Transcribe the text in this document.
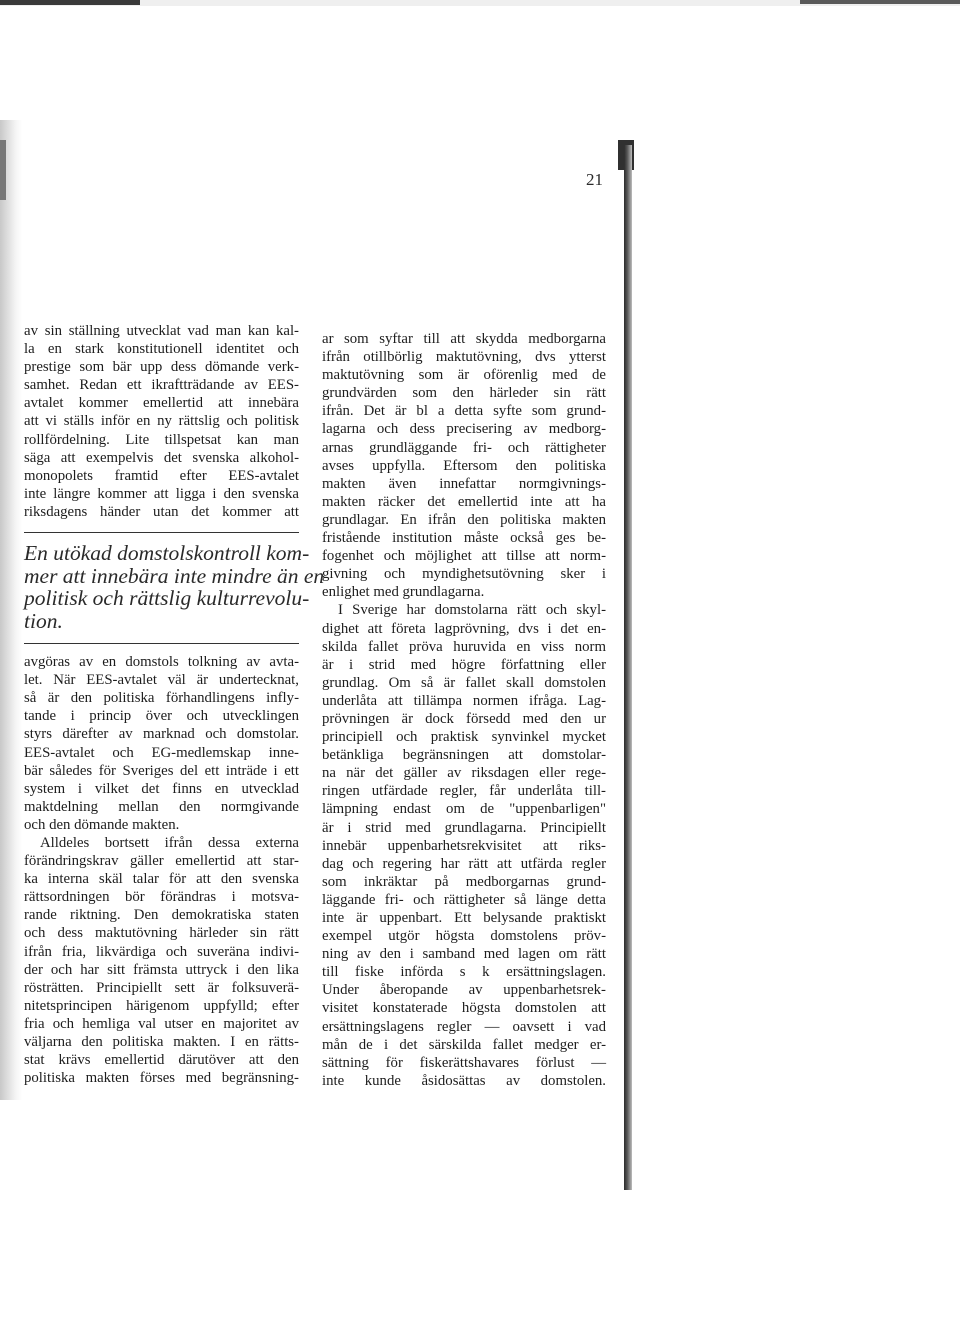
21

av sin ställning utvecklat vad man kan kal-
la en stark konstitutionell identitet och
prestige som bär upp dess dömande verk-
samhet. Redan ett ikraftträdande av EES-
avtalet kommer emellertid att innebära
att vi ställs inför en ny rättslig och politisk
rollfördelning. Lite tillspetsat kan man
säga att exempelvis det svenska alkohol-
monopolets framtid efter EES-avtalet
inte längre kommer att ligga i den svenska
riksdagens händer utan det kommer att

En utökad domstolskontroll kom-
mer att innebära inte mindre än en
politisk och rättslig kulturrevolu-
tion.

avgöras av en domstols tolkning av avta-
let. När EES-avtalet väl är undertecknat,
så är den politiska förhandlingens infly-
tande i princip över och utvecklingen
styrs därefter av marknad och domstolar.
EES-avtalet och EG-medlemskap inne-
bär således för Sveriges del ett inträde i ett
system i vilket det finns en utvecklad
maktdelning mellan den normgivande
och den dömande makten.

Alldeles bortsett ifrån dessa externa

förändringskrav gäller emellertid att star-
ka interna skäl talar för att den svenska
rättsordningen bör förändras i motsva-
rande riktning. Den demokratiska staten
och dess maktutövning härleder sin rätt
ifrån fria, likvärdiga och suveräna indivi-
der och har sitt främsta uttryck i den lika
rösträtten. Principiellt sett är folksuverä-
nitetsprincipen härigenom uppfylld; efter
fria och hemliga val utser en majoritet av
väljarna den politiska makten. I en rätts-
stat krävs emellertid därutöver att den
politiska makten förses med begränsning-

ar som syftar till att skydda medborgarna
ifrån otillbörlig maktutövning, dvs ytterst
maktutövning som är oförenlig med de
grundvärden som den härleder sin rätt
ifrån. Det är bl a detta syfte som grund-
lagarna och dess precisering av medborg-
arnas grundläggande fri- och rättigheter
avses uppfylla. Eftersom den politiska
makten även innefattar normgivnings-
makten räcker det emellertid inte att ha
grundlagar. En ifrån den politiska makten
fristående institution måste också ges be-
fogenhet och möjlighet att tillse att norm-
givning och myndighetsutövning sker i
enlighet med grundlagarna.

I Sverige har domstolarna rätt och skyl-

dighet att företa lagprövning, dvs i det en-
skilda fallet pröva huruvida en viss norm
är i strid med högre författning eller
grundlag. Om så är fallet skall domstolen
underlåta att tillämpa normen ifråga. Lag-
prövningen är dock försedd med den ur
principiell och praktisk synvinkel mycket
betänkliga begränsningen att domstolar-
na när det gäller av riksdagen eller rege-
ringen utfärdade regler, får underlåta till-
lämpning endast om de "uppenbarligen"
är i strid med grundlagarna. Principiellt
innebär uppenbarhetsrekvisitet att riks-
dag och regering har rätt att utfärda regler
som inkräktar på medborgarnas grund-
läggande fri- och rättigheter så länge detta
inte är uppenbart. Ett belysande praktiskt
exempel utgör högsta domstolens pröv-
ning av den i samband med lagen om rätt
till fiske införda s k ersättningslagen.
Under åberopande av uppenbarhetsrek-
visitet konstaterade högsta domstolen att
ersättningslagens regler — oavsett i vad
mån de i det särskilda fallet medger er-
sättning för fiskerättshavares förlust —
inte kunde åsidosättas av domstolen.
